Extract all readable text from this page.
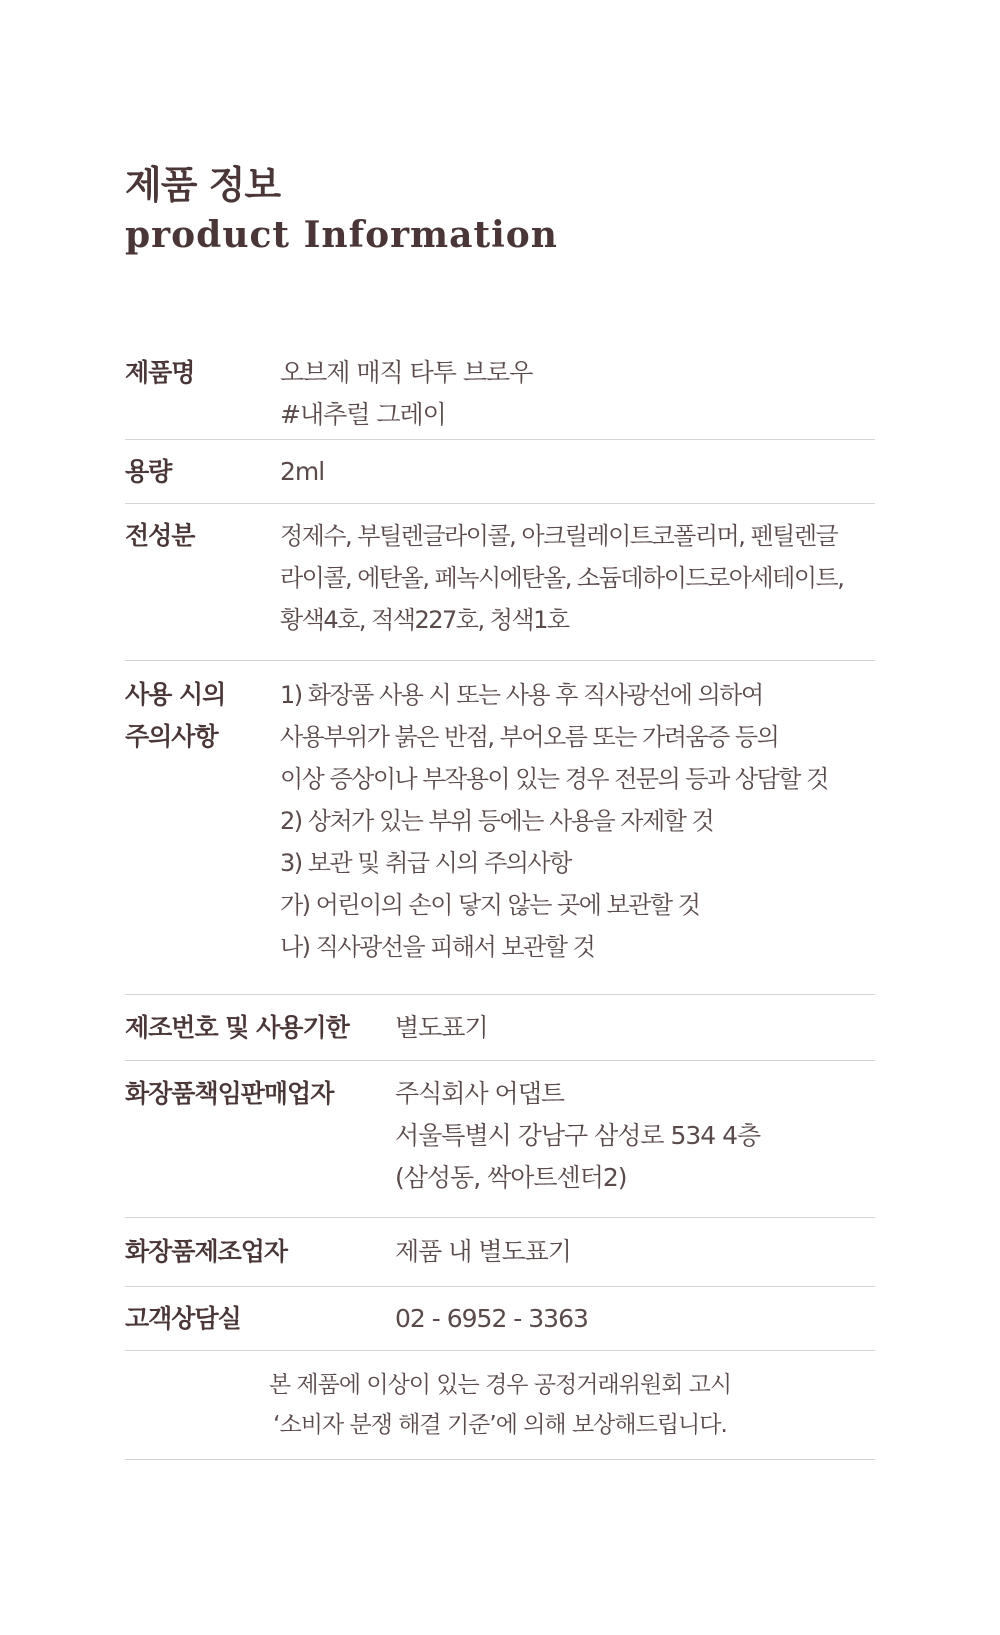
제품 정보
product Information
제품명	오브제 매직 타투 브로우
#내추럴 그레이
용량	2ml
전성분	정제수, 부틸렌글라이콜, 아크릴레이트코폴리머, 펜틸렌글
라이콜, 에탄올, 페녹시에탄올, 소듐데하이드로아세테이트,
황색4호, 적색227호, 청색1호
사용 시의
주의사항
1) 화장품 사용 시 또는 사용 후 직사광선에 의하여
사용부위가 붉은 반점, 부어오름 또는 가려움증 등의
이상 증상이나 부작용이 있는 경우 전문의 등과 상담할 것
2) 상처가 있는 부위 등에는 사용을 자제할 것
3) 보관 및 취급 시의 주의사항
가) 어린이의 손이 닿지 않는 곳에 보관할 것
나) 직사광선을 피해서 보관할 것
제조번호 및 사용기한	별도표기
화장품책임판매업자	주식회사 어댑트
서울특별시 강남구 삼성로 534 4층
(삼성동, 싹아트센터2)
화장품제조업자	제품 내 별도표기
고객상담실	02 - 6952 - 3363
본 제품에 이상이 있는 경우 공정거래위원회 고시
‘소비자 분쟁 해결 기준’에 의해 보상해드립니다.
